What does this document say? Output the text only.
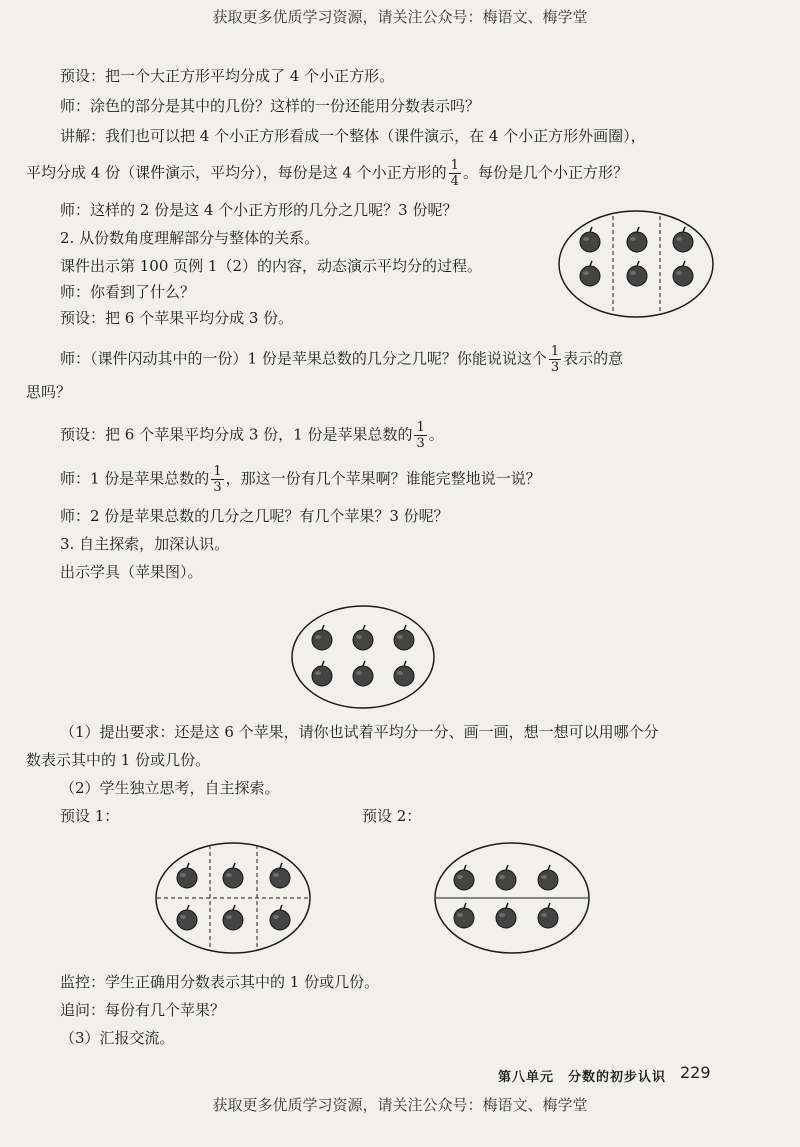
获取更多优质学习资源，请关注公众号：梅语文、梅学堂
预设：把一个大正方形平均分成了 4 个小正方形。
师：涂色的部分是其中的几份？这样的一份还能用分数表示吗？
讲解：我们也可以把 4 个小正方形看成一个整体（课件演示，在 4 个小正方形外画圈），
平均分成 4 份（课件演示，平均分），每份是这 4 个小正方形的 $\frac{1}{4}$ 。每份是几个小正方形？
师：这样的 2 份是这 4 个小正方形的几分之几呢？3 份呢？
2. 从份数角度理解部分与整体的关系。
课件出示第 100 页例 1（2）的内容，动态演示平均分的过程。
师：你看到了什么？
预设：把 6 个苹果平均分成 3 份。
师：（课件闪动其中的一份）1 份是苹果总数的几分之几呢？你能说说这个 $\frac{1}{3}$ 表示的意
思吗？
预设：把 6 个苹果平均分成 3 份，1 份是苹果总数的 $\frac{1}{3}$ 。
师：1 份是苹果总数的 $\frac{1}{3}$ ，那这一份有几个苹果啊？谁能完整地说一说？
师：2 份是苹果总数的几分之几呢？有几个苹果？3 份呢？
3. 自主探索，加深认识。
出示学具（苹果图）。
（1）提出要求：还是这 6 个苹果，请你也试着平均分一分、画一画，想一想可以用哪个分
数表示其中的 1 份或几份。
（2）学生独立思考，自主探索。
预设 1：	预设 2：
监控：学生正确用分数表示其中的 1 份或几份。
追问：每份有几个苹果？
（3）汇报交流。
第八单元　分数的初步认识 229
获取更多优质学习资源，请关注公众号：梅语文、梅学堂
